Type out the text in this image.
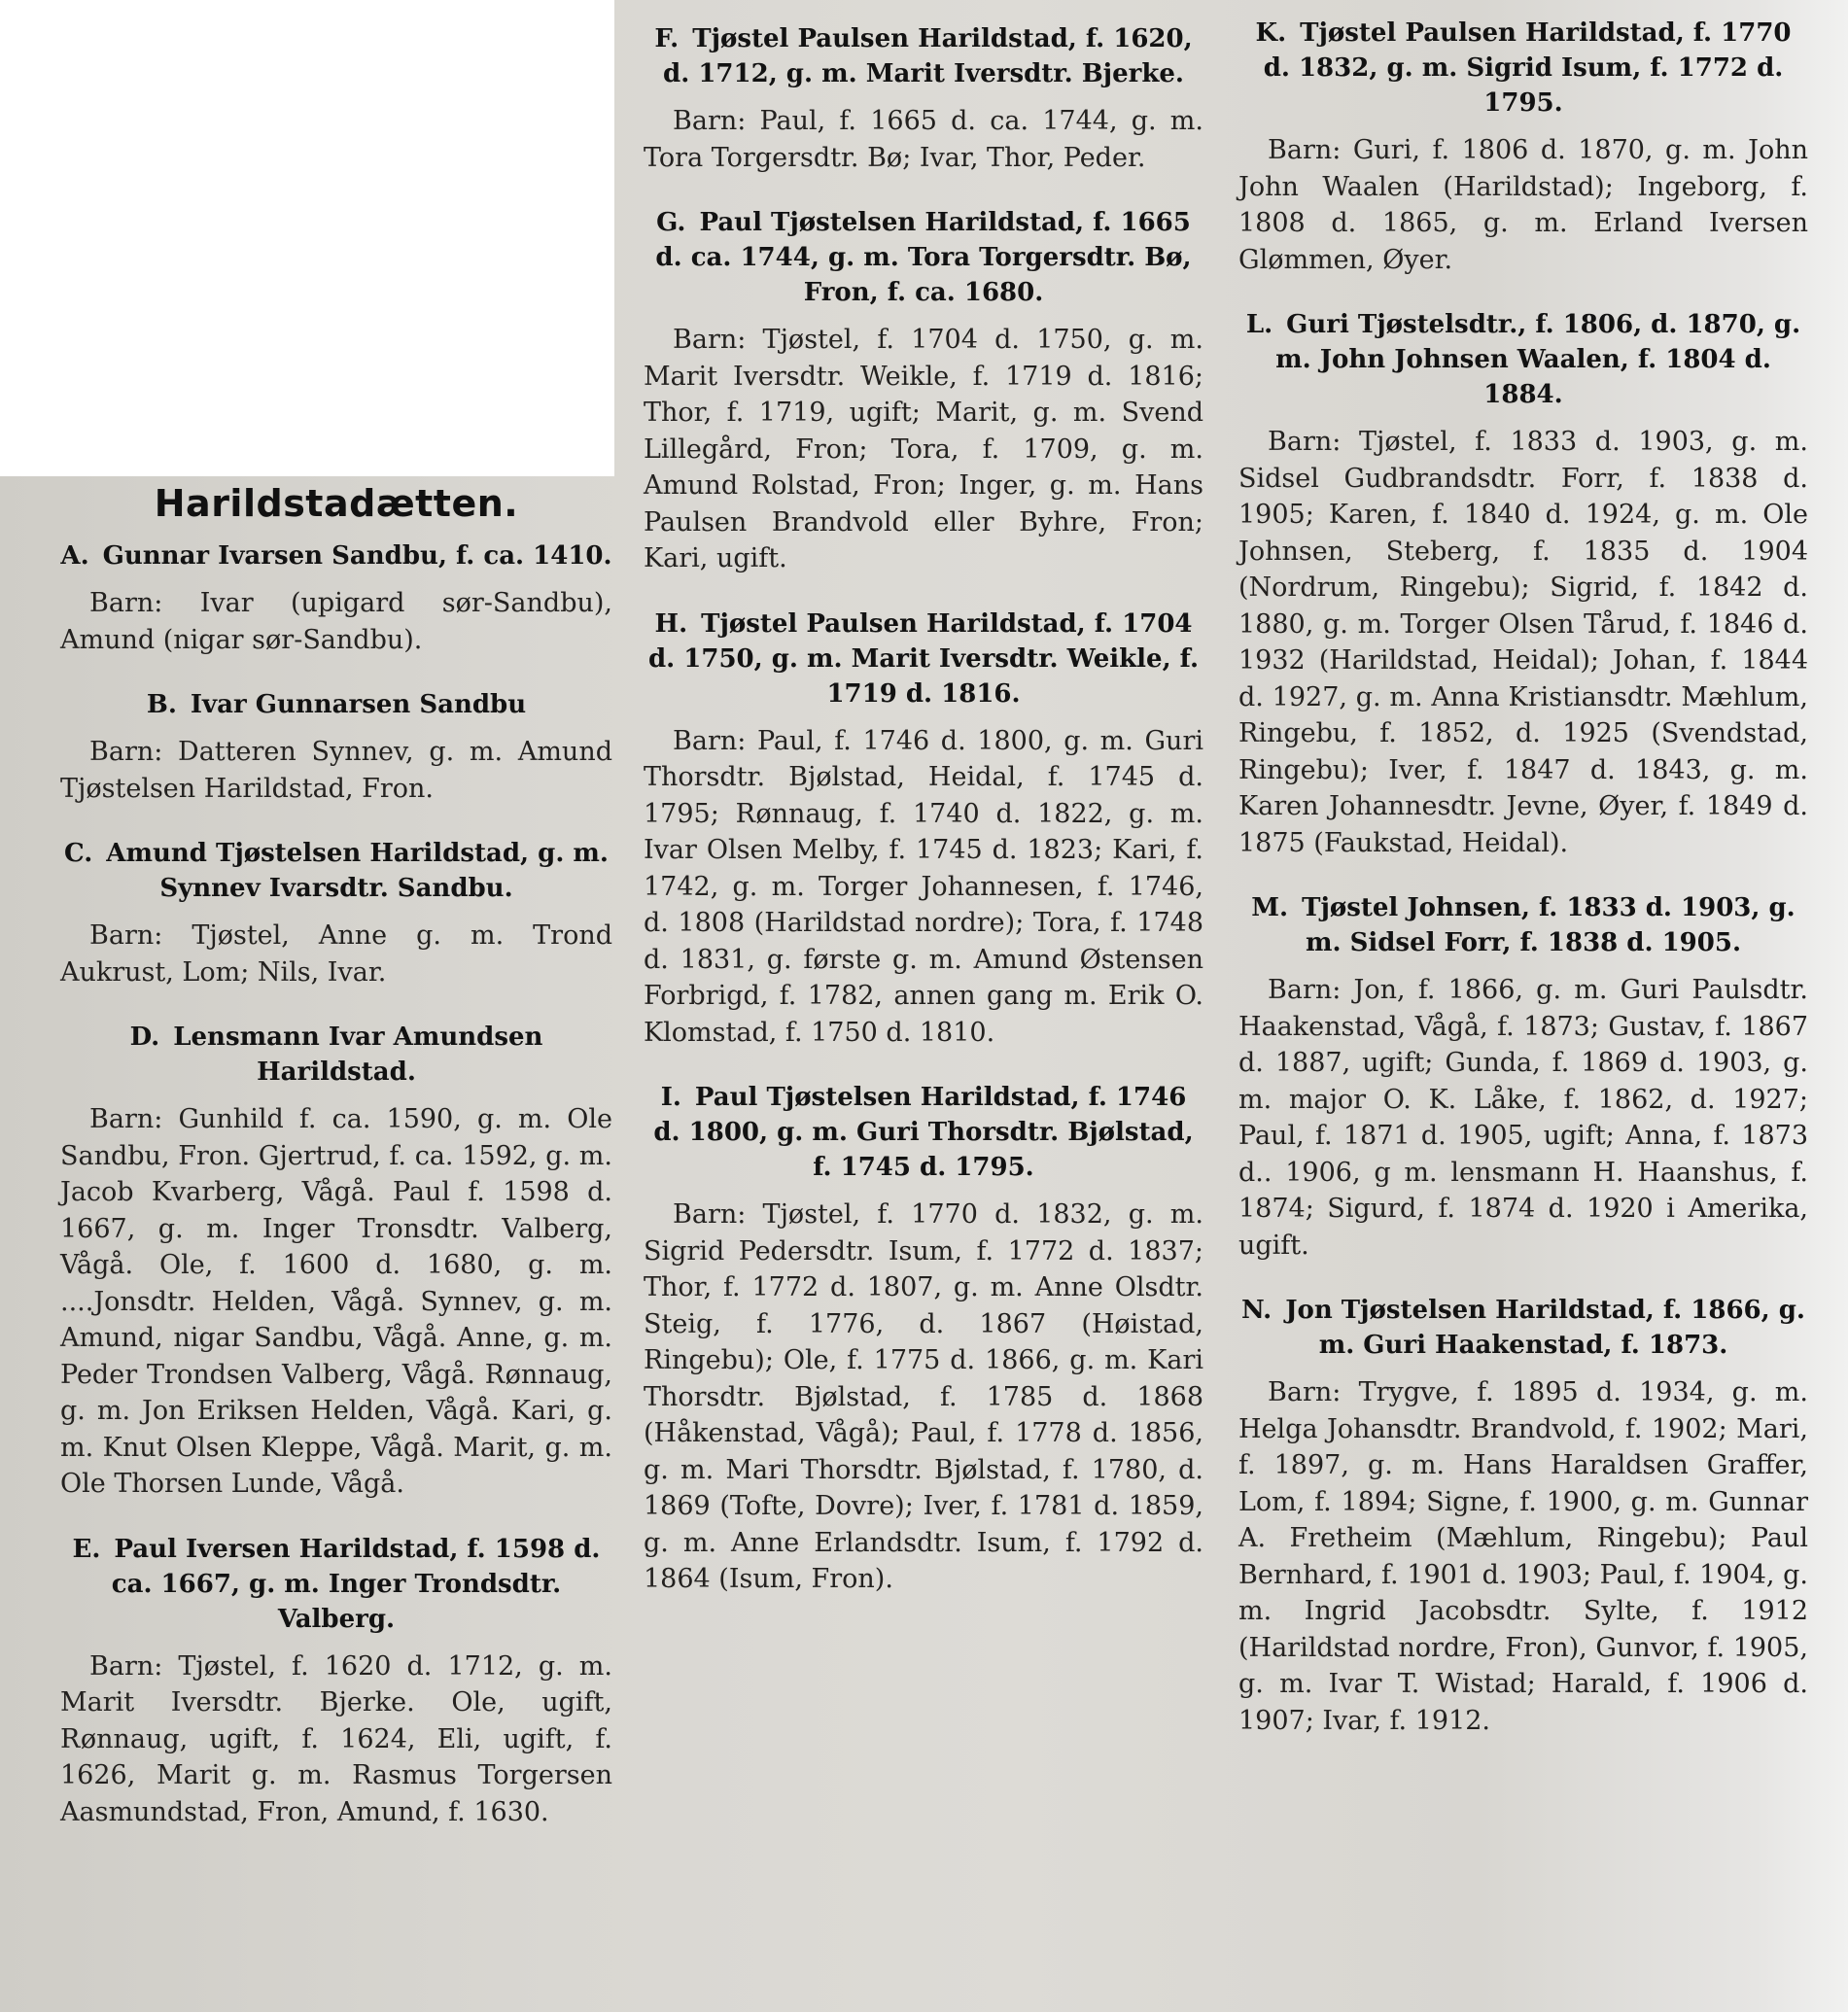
Harildstadætten.
A. Gunnar Ivarsen Sandbu, f. ca. 1410.
Barn: Ivar (upigard sør-Sandbu), Amund (nigar sør-Sandbu).
B. Ivar Gunnarsen Sandbu
Barn: Datteren Synnev, g. m. Amund Tjøstelsen Harildstad, Fron.
C. Amund Tjøstelsen Harildstad, g. m. Synnev Ivarsdtr. Sandbu.
Barn: Tjøstel, Anne g. m. Trond Aukrust, Lom; Nils, Ivar.
D. Lensmann Ivar Amundsen Harildstad.
Barn: Gunhild f. ca. 1590, g. m. Ole Sandbu, Fron. Gjertrud, f. ca. 1592, g. m. Jacob Kvarberg, Vågå. Paul f. 1598 d. 1667, g. m. Inger Tronsdtr. Valberg, Vågå. Ole, f. 1600 d. 1680, g. m. ....Jonsdtr. Helden, Vågå. Synnev, g. m. Amund, nigar Sandbu, Vågå. Anne, g. m. Peder Trondsen Valberg, Vågå. Rønnaug, g. m. Jon Eriksen Helden, Vågå. Kari, g. m. Knut Olsen Kleppe, Vågå. Marit, g. m. Ole Thorsen Lunde, Vågå.
E. Paul Iversen Harildstad, f. 1598 d. ca. 1667, g. m. Inger Trondsdtr. Valberg.
Barn: Tjøstel, f. 1620 d. 1712, g. m. Marit Iversdtr. Bjerke. Ole, ugift, Rønnaug, ugift, f. 1624, Eli, ugift, f. 1626, Marit g. m. Rasmus Torgersen Aasmundstad, Fron, Amund, f. 1630.
F. Tjøstel Paulsen Harildstad, f. 1620, d. 1712, g. m. Marit Iversdtr. Bjerke.
Barn: Paul, f. 1665 d. ca. 1744, g. m. Tora Torgersdtr. Bø; Ivar, Thor, Peder.
G. Paul Tjøstelsen Harildstad, f. 1665 d. ca. 1744, g. m. Tora Torgersdtr. Bø, Fron, f. ca. 1680.
Barn: Tjøstel, f. 1704 d. 1750, g. m. Marit Iversdtr. Weikle, f. 1719 d. 1816; Thor, f. 1719, ugift; Marit, g. m. Svend Lillegård, Fron; Tora, f. 1709, g. m. Amund Rolstad, Fron; Inger, g. m. Hans Paulsen Brandvold eller Byhre, Fron; Kari, ugift.
H. Tjøstel Paulsen Harildstad, f. 1704 d. 1750, g. m. Marit Iversdtr. Weikle, f. 1719 d. 1816.
Barn: Paul, f. 1746 d. 1800, g. m. Guri Thorsdtr. Bjølstad, Heidal, f. 1745 d. 1795; Rønnaug, f. 1740 d. 1822, g. m. Ivar Olsen Melby, f. 1745 d. 1823; Kari, f. 1742, g. m. Torger Johannesen, f. 1746, d. 1808 (Harildstad nordre); Tora, f. 1748 d. 1831, g. første g. m. Amund Østensen Forbrigd, f. 1782, annen gang m. Erik O. Klomstad, f. 1750 d. 1810.
I. Paul Tjøstelsen Harildstad, f. 1746 d. 1800, g. m. Guri Thorsdtr. Bjølstad, f. 1745 d. 1795.
Barn: Tjøstel, f. 1770 d. 1832, g. m. Sigrid Pedersdtr. Isum, f. 1772 d. 1837; Thor, f. 1772 d. 1807, g. m. Anne Olsdtr. Steig, f. 1776, d. 1867 (Høistad, Ringebu); Ole, f. 1775 d. 1866, g. m. Kari Thorsdtr. Bjølstad, f. 1785 d. 1868 (Håkenstad, Vågå); Paul, f. 1778 d. 1856, g. m. Mari Thorsdtr. Bjølstad, f. 1780, d. 1869 (Tofte, Dovre); Iver, f. 1781 d. 1859, g. m. Anne Erlandsdtr. Isum, f. 1792 d. 1864 (Isum, Fron).
K. Tjøstel Paulsen Harildstad, f. 1770 d. 1832, g. m. Sigrid Isum, f. 1772 d. 1795.
Barn: Guri, f. 1806 d. 1870, g. m. John John Waalen (Harildstad); Ingeborg, f. 1808 d. 1865, g. m. Erland Iversen Glømmen, Øyer.
L. Guri Tjøstelsdtr., f. 1806, d. 1870, g. m. John Johnsen Waalen, f. 1804 d. 1884.
Barn: Tjøstel, f. 1833 d. 1903, g. m. Sidsel Gudbrandsdtr. Forr, f. 1838 d. 1905; Karen, f. 1840 d. 1924, g. m. Ole Johnsen, Steberg, f. 1835 d. 1904 (Nordrum, Ringebu); Sigrid, f. 1842 d. 1880, g. m. Torger Olsen Tårud, f. 1846 d. 1932 (Harildstad, Heidal); Johan, f. 1844 d. 1927, g. m. Anna Kristiansdtr. Mæhlum, Ringebu, f. 1852, d. 1925 (Svendstad, Ringebu); Iver, f. 1847 d. 1843, g. m. Karen Johannesdtr. Jevne, Øyer, f. 1849 d. 1875 (Faukstad, Heidal).
M. Tjøstel Johnsen, f. 1833 d. 1903, g. m. Sidsel Forr, f. 1838 d. 1905.
Barn: Jon, f. 1866, g. m. Guri Paulsdtr. Haakenstad, Vågå, f. 1873; Gustav, f. 1867 d. 1887, ugift; Gunda, f. 1869 d. 1903, g. m. major O. K. Låke, f. 1862, d. 1927; Paul, f. 1871 d. 1905, ugift; Anna, f. 1873 d.. 1906, g m. lensmann H. Haanshus, f. 1874; Sigurd, f. 1874 d. 1920 i Amerika, ugift.
N. Jon Tjøstelsen Harildstad, f. 1866, g. m. Guri Haakenstad, f. 1873.
Barn: Trygve, f. 1895 d. 1934, g. m. Helga Johansdtr. Brandvold, f. 1902; Mari, f. 1897, g. m. Hans Haraldsen Graffer, Lom, f. 1894; Signe, f. 1900, g. m. Gunnar A. Fretheim (Mæhlum, Ringebu); Paul Bernhard, f. 1901 d. 1903; Paul, f. 1904, g. m. Ingrid Jacobsdtr. Sylte, f. 1912 (Harildstad nordre, Fron), Gunvor, f. 1905, g. m. Ivar T. Wistad; Harald, f. 1906 d. 1907; Ivar, f. 1912.
